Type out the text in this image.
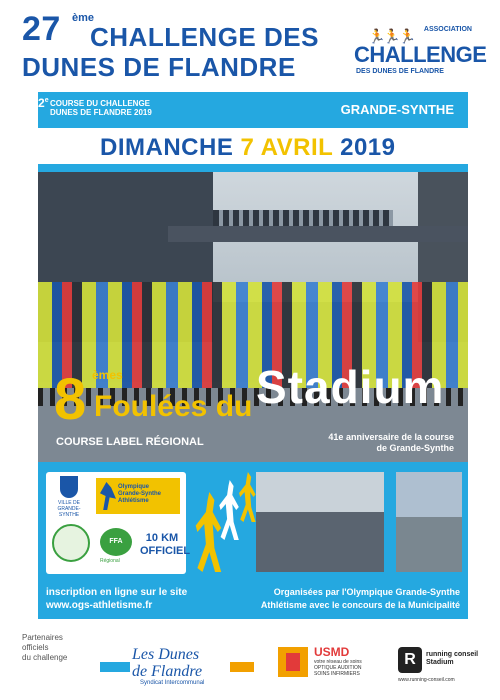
27 ème
CHALLENGE DES
DUNES DE FLANDRE
🏃🏃🏃 ASSOCIATION
CHALLENGE
DES DUNES DE FLANDRE
2e COURSE DU CHALLENGE
DUNES DE FLANDRE 2019	GRANDE-SYNTHE
DIMANCHE 7 AVRIL 2019
8 èmes
Foulées du Stadium
COURSE LABEL RÉGIONAL	41e anniversaire de la course
de Grande-Synthe
VILLE DE GRANDE-SYNTHE
Olympique
Grande-Synthe
Athlétisme
FFA
Régional
10 KM
OFFICIEL
inscription en ligne sur le site
www.ogs-athletisme.fr
Organisées par l'Olympique Grande-Synthe
Athlétisme avec le concours de la Municipalité
Partenaires
officiels
du challenge	Les Dunes
de Flandre
Syndicat Intercommunal
USMD
votre réseau de soins
OPTIQUE AUDITION SOINS INFIRMIERS
R	running conseil
Stadium
www.running-conseil.com
